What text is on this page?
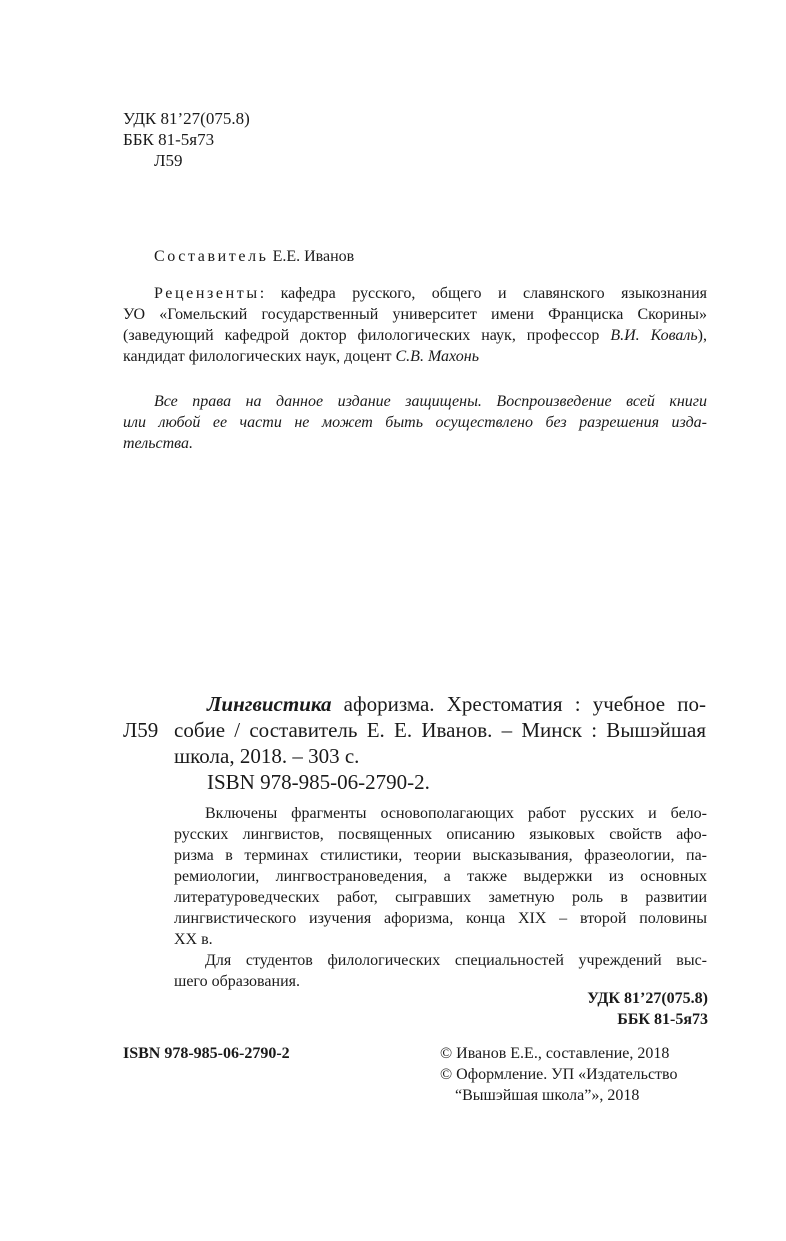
УДК 81’27(075.8)
ББК 81-5я73
Л59
Составитель Е.Е. Иванов
Рецензенты: кафедра русского, общего и славянского языкознания
УО «Гомельский государственный университет имени Франциска Скорины»
(заведующий кафедрой доктор филологических наук, профессор В.И. Коваль),
кандидат филологических наук, доцент С.В. Махонь
Все права на данное издание защищены. Воспроизведение всей книги
или любой ее части не может быть осуществлено без разрешения изда-
тельства.
Л59
Лингвистика афоризма. Хрестоматия : учебное по-
собие / составитель Е. Е. Иванов. – Минск : Вышэйшая
школа, 2018. – 303 с.
ISBN 978-985-06-2790-2.
Включены фрагменты основополагающих работ русских и бело-
русских лингвистов, посвященных описанию языковых свойств афо-
ризма в терминах стилистики, теории высказывания, фразеологии, па-
ремиологии, лингвострановедения, а также выдержки из основных
литературоведческих работ, сыгравших заметную роль в развитии
лингвистического изучения афоризма, конца XIX – второй половины
XX в.
Для студентов филологических специальностей учреждений выс-
шего образования.
УДК 81’27(075.8)
ББК 81-5я73
ISBN 978-985-06-2790-2	© Иванов Е.Е., составление, 2018
© Оформление. УП «Издательство
“Вышэйшая школа”», 2018
